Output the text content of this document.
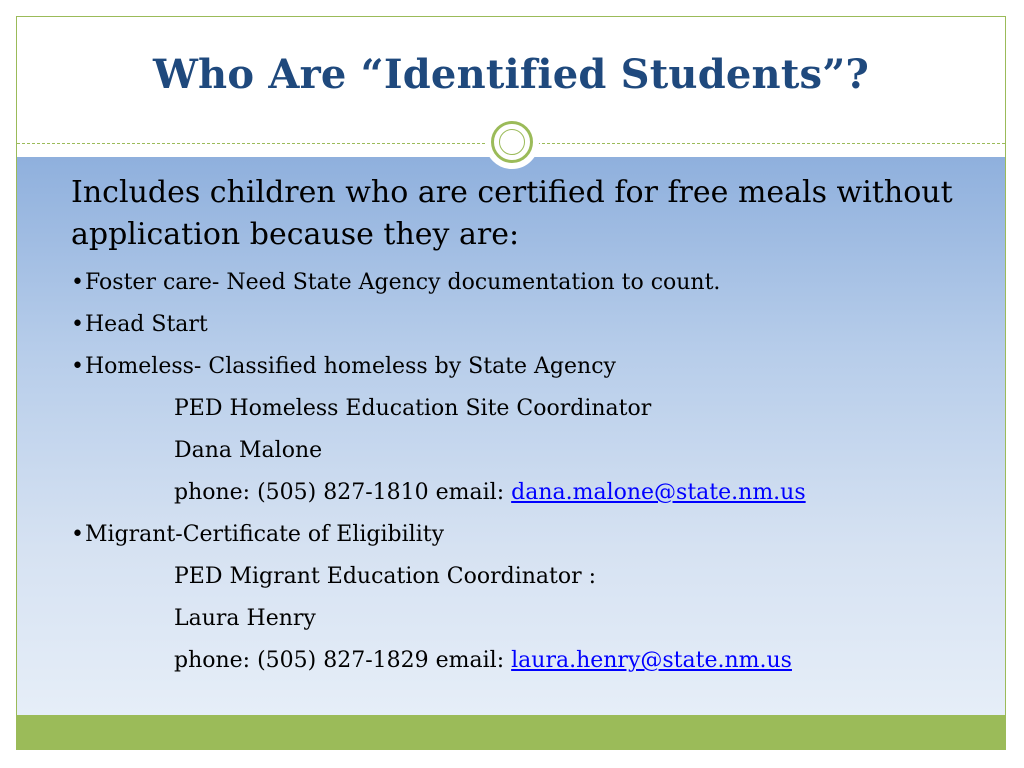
Who Are “Identified Students”?
Includes children who are certified for free meals without application because they are:
• Foster care- Need State Agency documentation to count.
• Head Start
• Homeless- Classified homeless by State Agency
PED Homeless Education Site Coordinator
Dana Malone
phone: (505) 827-1810 email: dana.malone@state.nm.us
• Migrant-Certificate of Eligibility
PED Migrant Education Coordinator :
Laura Henry
phone: (505) 827-1829 email: laura.henry@state.nm.us
